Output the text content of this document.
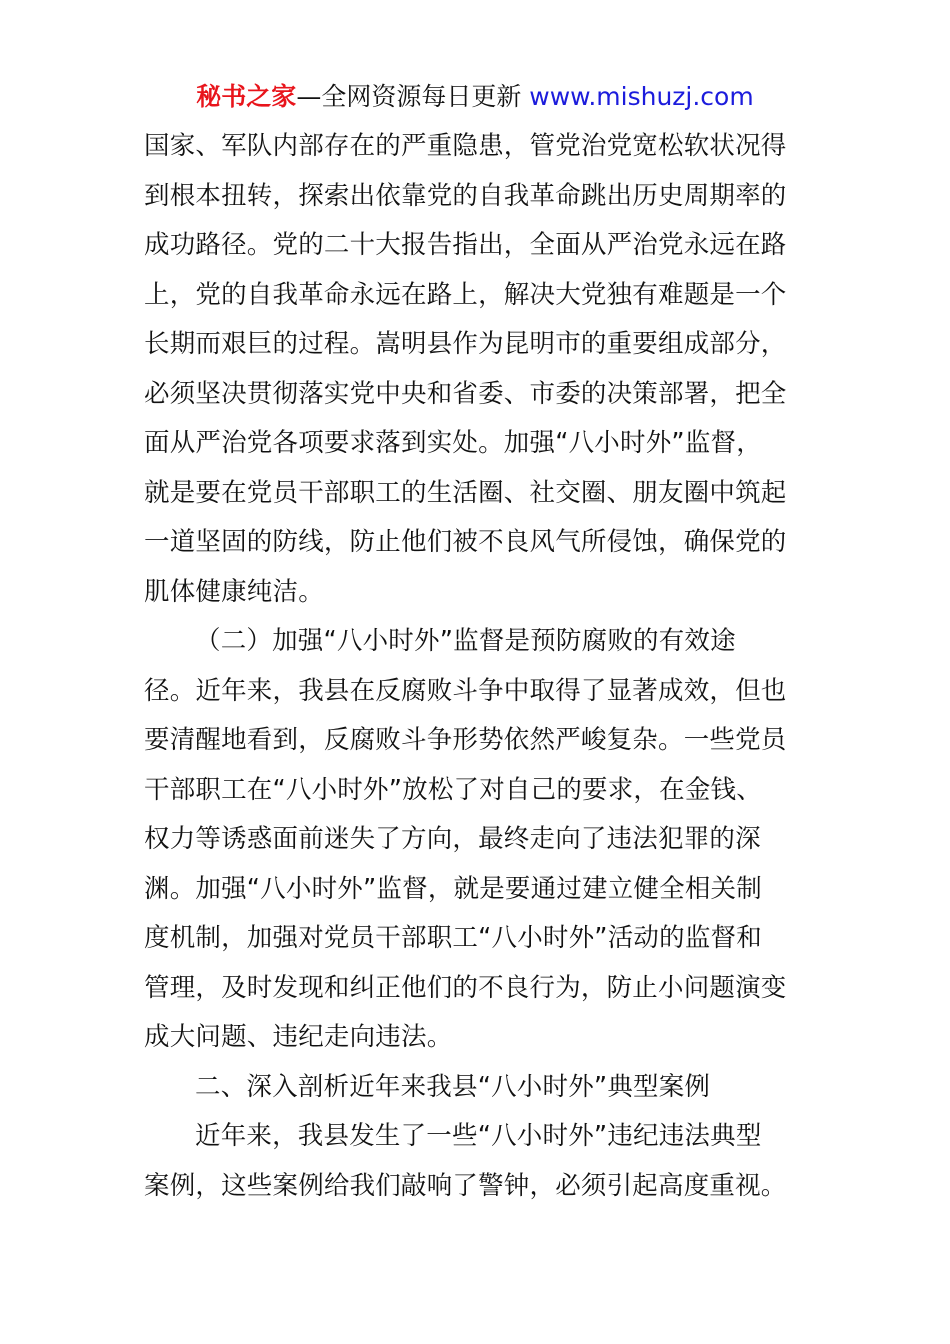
秘书之家—全网资源每日更新 www.mishuzj.com
国家、军队内部存在的严重隐患，管党治党宽松软状况得
到根本扭转，探索出依靠党的自我革命跳出历史周期率的
成功路径。党的二十大报告指出，全面从严治党永远在路
上，党的自我革命永远在路上，解决大党独有难题是一个
长期而艰巨的过程。嵩明县作为昆明市的重要组成部分，
必须坚决贯彻落实党中央和省委、市委的决策部署，把全
面从严治党各项要求落到实处。加强“八小时外”监督，
就是要在党员干部职工的生活圈、社交圈、朋友圈中筑起
一道坚固的防线，防止他们被不良风气所侵蚀，确保党的
肌体健康纯洁。
（二）加强“八小时外”监督是预防腐败的有效途
径。近年来，我县在反腐败斗争中取得了显著成效，但也
要清醒地看到，反腐败斗争形势依然严峻复杂。一些党员
干部职工在“八小时外”放松了对自己的要求，在金钱、
权力等诱惑面前迷失了方向，最终走向了违法犯罪的深
渊。加强“八小时外”监督，就是要通过建立健全相关制
度机制，加强对党员干部职工“八小时外”活动的监督和
管理，及时发现和纠正他们的不良行为，防止小问题演变
成大问题、违纪走向违法。
二、深入剖析近年来我县“八小时外”典型案例
近年来，我县发生了一些“八小时外”违纪违法典型
案例，这些案例给我们敲响了警钟，必须引起高度重视。
